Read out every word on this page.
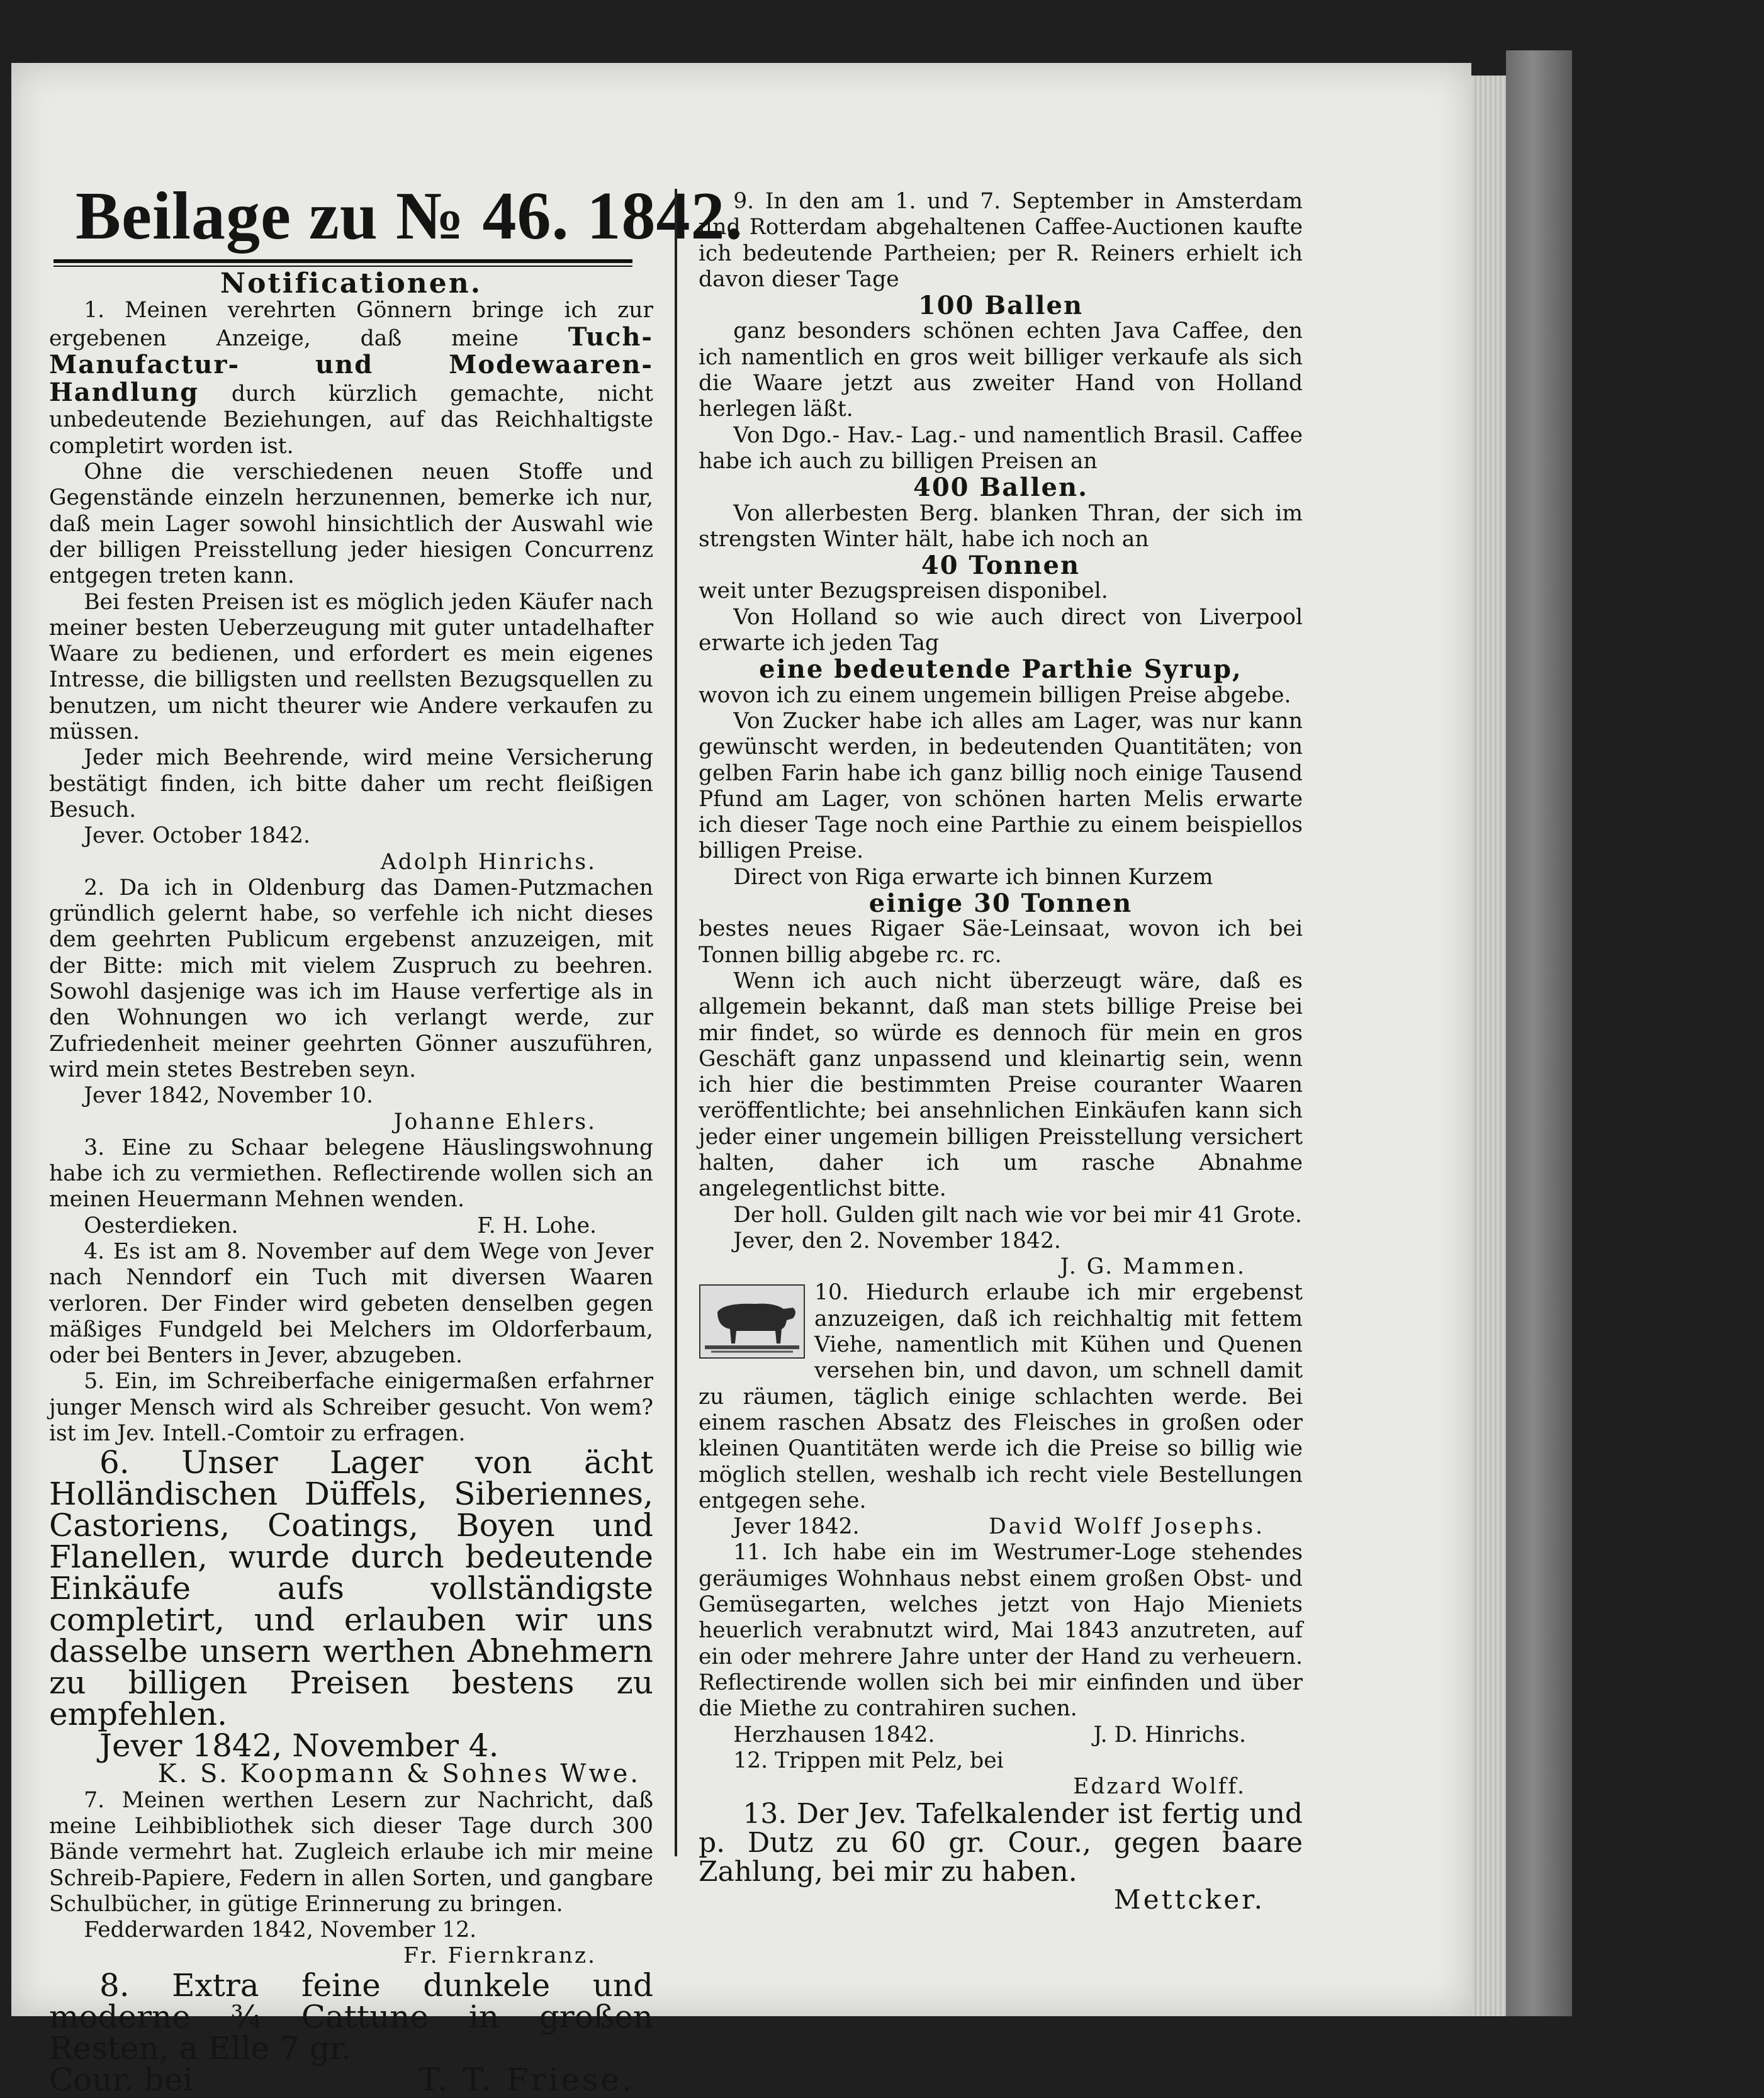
Beilage zu № 46. 1842.

Notificationen.

1. Meinen verehrten Gönnern bringe ich zur ergebenen Anzeige, daß meine Tuch- Manufactur- und Modewaaren-Handlung durch kürzlich gemachte, nicht unbedeutende Beziehungen, auf das Reichhaltigste completirt worden ist.

Ohne die verschiedenen neuen Stoffe und Gegenstände einzeln herzunennen, bemerke ich nur, daß mein Lager sowohl hinsichtlich der Auswahl wie der billigen Preisstellung jeder hiesigen Concurrenz entgegen treten kann.

Bei festen Preisen ist es möglich jeden Käufer nach meiner besten Ueberzeugung mit guter untadelhafter Waare zu bedienen, und erfordert es mein eigenes Intresse, die billigsten und reellsten Bezugsquellen zu benutzen, um nicht theurer wie Andere verkaufen zu müssen.

Jeder mich Beehrende, wird meine Versicherung bestätigt finden, ich bitte daher um recht fleißigen Besuch.

Jever. October 1842.

Adolph Hinrichs.

2. Da ich in Oldenburg das Damen-Putzmachen gründlich gelernt habe, so verfehle ich nicht dieses dem geehrten Publicum ergebenst anzuzeigen, mit der Bitte: mich mit vielem Zuspruch zu beehren. Sowohl dasjenige was ich im Hause verfertige als in den Wohnungen wo ich verlangt werde, zur Zufriedenheit meiner geehrten Gönner auszuführen, wird mein stetes Bestreben seyn.

Jever 1842, November 10.

Johanne Ehlers.

3. Eine zu Schaar belegene Häuslingswohnung habe ich zu vermiethen. Reflectirende wollen sich an meinen Heuermann Mehnen wenden.

Oesterdieken.	F. H. Lohe.

4. Es ist am 8. November auf dem Wege von Jever nach Nenndorf ein Tuch mit diversen Waaren verloren. Der Finder wird gebeten denselben gegen mäßiges Fundgeld bei Melchers im Oldorferbaum, oder bei Benters in Jever, abzugeben.

5. Ein, im Schreiberfache einigermaßen erfahrner junger Mensch wird als Schreiber gesucht. Von wem? ist im Jev. Intell.-Comtoir zu erfragen.

6. Unser Lager von ächt Holländischen Düffels, Siberiennes, Castoriens, Coatings, Boyen und Flanellen, wurde durch bedeutende Einkäufe aufs vollständigste completirt, und erlauben wir uns dasselbe unsern werthen Abnehmern zu billigen Preisen bestens zu empfehlen.

Jever 1842, November 4.

K. S. Koopmann & Sohnes Wwe.

7. Meinen werthen Lesern zur Nachricht, daß meine Leihbibliothek sich dieser Tage durch 300 Bände vermehrt hat. Zugleich erlaube ich mir meine Schreib-Papiere, Federn in allen Sorten, und gangbare Schulbücher, in gütige Erinnerung zu bringen.

Fedderwarden 1842, November 12.

Fr. Fiernkranz.

8. Extra feine dunkele und moderne ¾ Cattune in großen Resten, a Elle 7 gr.

Cour. bei	T. T. Friese.

9. In den am 1. und 7. September in Amsterdam und Rotterdam abgehaltenen Caffee-Auctionen kaufte ich bedeutende Partheien; per R. Reiners erhielt ich davon dieser Tage

100 Ballen

ganz besonders schönen echten Java Caffee, den ich namentlich en gros weit billiger verkaufe als sich die Waare jetzt aus zweiter Hand von Holland herlegen läßt.

Von Dgo.- Hav.- Lag.- und namentlich Brasil. Caffee habe ich auch zu billigen Preisen an

400 Ballen.

Von allerbesten Berg. blanken Thran, der sich im strengsten Winter hält, habe ich noch an

40 Tonnen

weit unter Bezugspreisen disponibel.

Von Holland so wie auch direct von Liverpool erwarte ich jeden Tag

eine bedeutende Parthie Syrup,

wovon ich zu einem ungemein billigen Preise abgebe.

Von Zucker habe ich alles am Lager, was nur kann gewünscht werden, in bedeutenden Quantitäten; von gelben Farin habe ich ganz billig noch einige Tausend Pfund am Lager, von schönen harten Melis erwarte ich dieser Tage noch eine Parthie zu einem beispiellos billigen Preise.

Direct von Riga erwarte ich binnen Kurzem

einige 30 Tonnen

bestes neues Rigaer Säe-Leinsaat, wovon ich bei Tonnen billig abgebe rc. rc.

Wenn ich auch nicht überzeugt wäre, daß es allgemein bekannt, daß man stets billige Preise bei mir findet, so würde es dennoch für mein en gros Geschäft ganz unpassend und kleinartig sein, wenn ich hier die bestimmten Preise couranter Waaren veröffentlichte; bei ansehnlichen Einkäufen kann sich jeder einer ungemein billigen Preisstellung versichert halten, daher ich um rasche Abnahme angelegentlichst bitte.

Der holl. Gulden gilt nach wie vor bei mir 41 Grote.

Jever, den 2. November 1842.

J. G. Mammen.

10. Hiedurch erlaube ich mir ergebenst anzuzeigen, daß ich reichhaltig mit fettem Viehe, namentlich mit Kühen und Quenen versehen bin, und davon, um schnell damit zu räumen, täglich einige schlachten werde. Bei einem raschen Absatz des Fleisches in großen oder kleinen Quantitäten werde ich die Preise so billig wie möglich stellen, weshalb ich recht viele Bestellungen entgegen sehe.

Jever 1842.	David Wolff Josephs.

11. Ich habe ein im Westrumer-Loge stehendes geräumiges Wohnhaus nebst einem großen Obst- und Gemüsegarten, welches jetzt von Hajo Mieniets heuerlich verabnutzt wird, Mai 1843 anzutreten, auf ein oder mehrere Jahre unter der Hand zu verheuern. Reflectirende wollen sich bei mir einfinden und über die Miethe zu contrahiren suchen.

Herzhausen 1842.	J. D. Hinrichs.

12. Trippen mit Pelz, bei

Edzard Wolff.

13. Der Jev. Tafelkalender ist fertig und p. Dutz zu 60 gr. Cour., gegen baare Zahlung, bei mir zu haben.

Mettcker.
